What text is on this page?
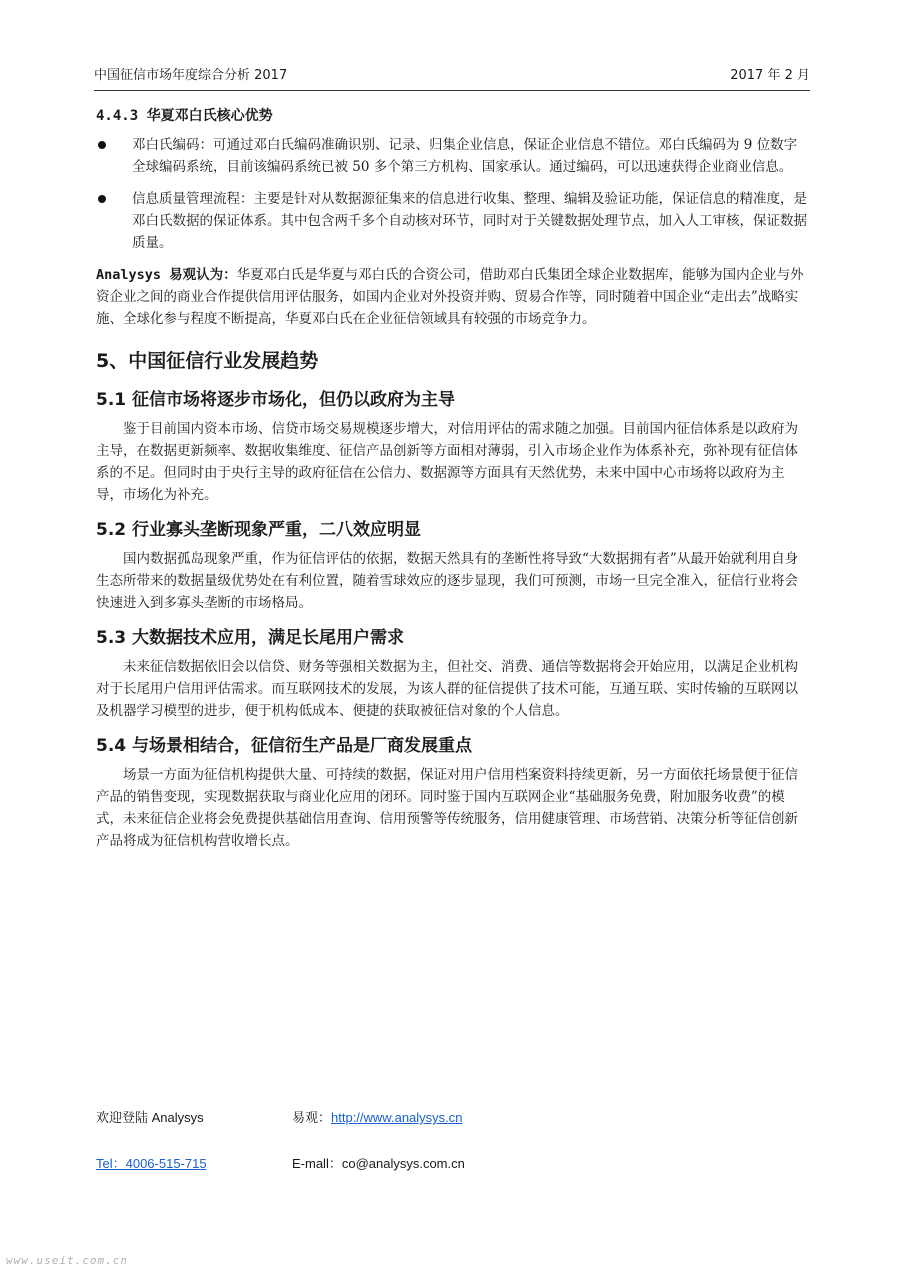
中国征信市场年度综合分析 2017	2017 年 2 月
4.4.3 华夏邓白氏核心优势
邓白氏编码：可通过邓白氏编码准确识别、记录、归集企业信息，保证企业信息不错位。邓白氏编码为 9 位数字全球编码系统，目前该编码系统已被 50 多个第三方机构、国家承认。通过编码，可以迅速获得企业商业信息。
信息质量管理流程：主要是针对从数据源征集来的信息进行收集、整理、编辑及验证功能，保证信息的精准度，是邓白氏数据的保证体系。其中包含两千多个自动核对环节，同时对于关键数据处理节点，加入人工审核，保证数据质量。

Analysys 易观认为：华夏邓白氏是华夏与邓白氏的合资公司，借助邓白氏集团全球企业数据库，能够为国内企业与外资企业之间的商业合作提供信用评估服务，如国内企业对外投资并购、贸易合作等，同时随着中国企业“走出去”战略实施、全球化参与程度不断提高，华夏邓白氏在企业征信领域具有较强的市场竞争力。

5、中国征信行业发展趋势
5.1 征信市场将逐步市场化，但仍以政府为主导

鉴于目前国内资本市场、信贷市场交易规模逐步增大，对信用评估的需求随之加强。目前国内征信体系是以政府为主导，在数据更新频率、数据收集维度、征信产品创新等方面相对薄弱，引入市场企业作为体系补充，弥补现有征信体系的不足。但同时由于央行主导的政府征信在公信力、数据源等方面具有天然优势，未来中国中心市场将以政府为主导，市场化为补充。

5.2 行业寡头垄断现象严重，二八效应明显

国内数据孤岛现象严重，作为征信评估的依据，数据天然具有的垄断性将导致“大数据拥有者”从最开始就利用自身生态所带来的数据量级优势处在有利位置，随着雪球效应的逐步显现，我们可预测，市场一旦完全准入，征信行业将会快速进入到多寡头垄断的市场格局。

5.3 大数据技术应用，满足长尾用户需求

未来征信数据依旧会以信贷、财务等强相关数据为主，但社交、消费、通信等数据将会开始应用，以满足企业机构对于长尾用户信用评估需求。而互联网技术的发展，为该人群的征信提供了技术可能，互通互联、实时传输的互联网以及机器学习模型的进步，便于机构低成本、便捷的获取被征信对象的个人信息。

5.4 与场景相结合，征信衍生产品是厂商发展重点

场景一方面为征信机构提供大量、可持续的数据，保证对用户信用档案资料持续更新，另一方面依托场景便于征信产品的销售变现，实现数据获取与商业化应用的闭环。同时鉴于国内互联网企业“基础服务免费，附加服务收费”的模式，未来征信企业将会免费提供基础信用查询、信用预警等传统服务，信用健康管理、市场营销、决策分析等征信创新产品将成为征信机构营收增长点。

欢迎登陆 Analysys	易观：http://www.analysys.cn
Tel：4006-515-715	E-mall：co@analysys.com.cn
www.useit.com.cn
